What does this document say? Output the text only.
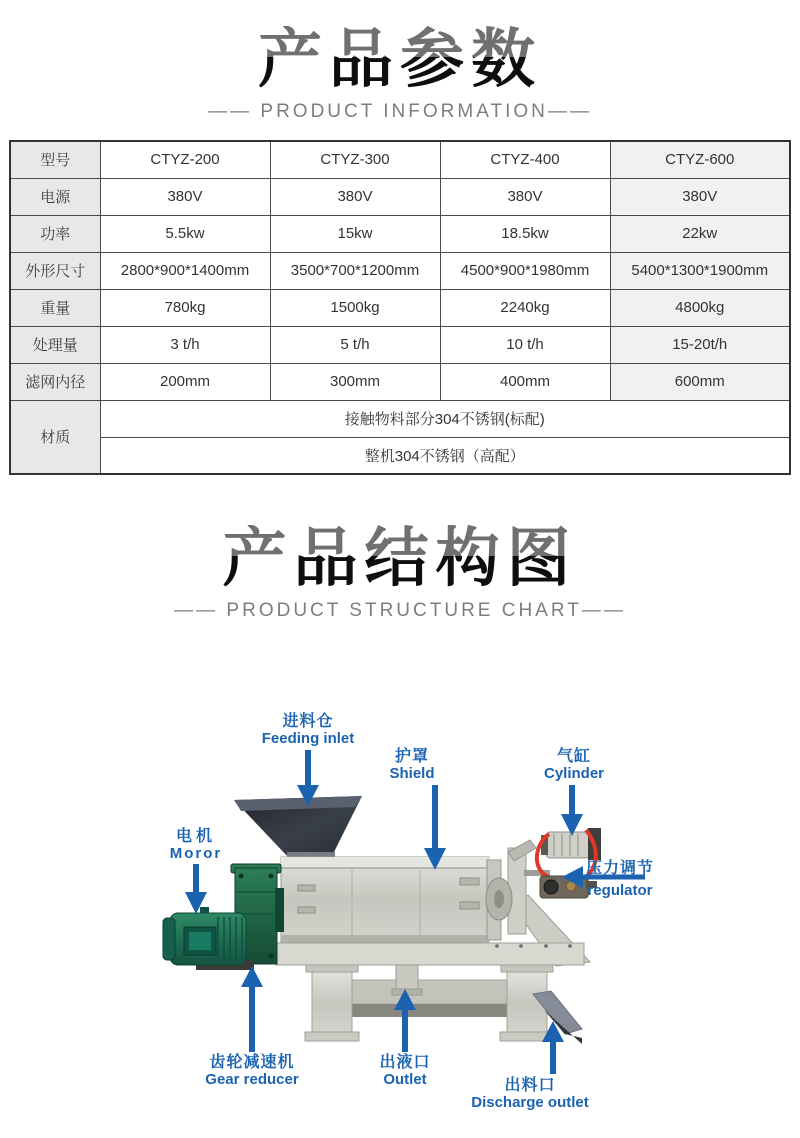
产品参数
—— PRODUCT INFORMATION——
型号	CTYZ-200	CTYZ-300	CTYZ-400	CTYZ-600
电源	380V	380V	380V	380V
功率	5.5kw	15kw	18.5kw	22kw
外形尺寸	2800*900*1400mm	3500*700*1200mm	4500*900*1980mm	5400*1300*1900mm
重量	780kg	1500kg	2240kg	4800kg
处理量	3 t/h	5 t/h	10 t/h	15-20t/h
滤网内径	200mm	300mm	400mm	600mm
材质	接触物料部分304不锈钢(标配)			
	整机304不锈钢（高配）			
产品结构图
—— PRODUCT STRUCTURE CHART——
进料仓
Feeding inlet
护罩
Shield
气缸
Cylinder
电机
Moror
压力调节
regulator
齿轮减速机
Gear reducer
出液口
Outlet	出料口
Discharge outlet
